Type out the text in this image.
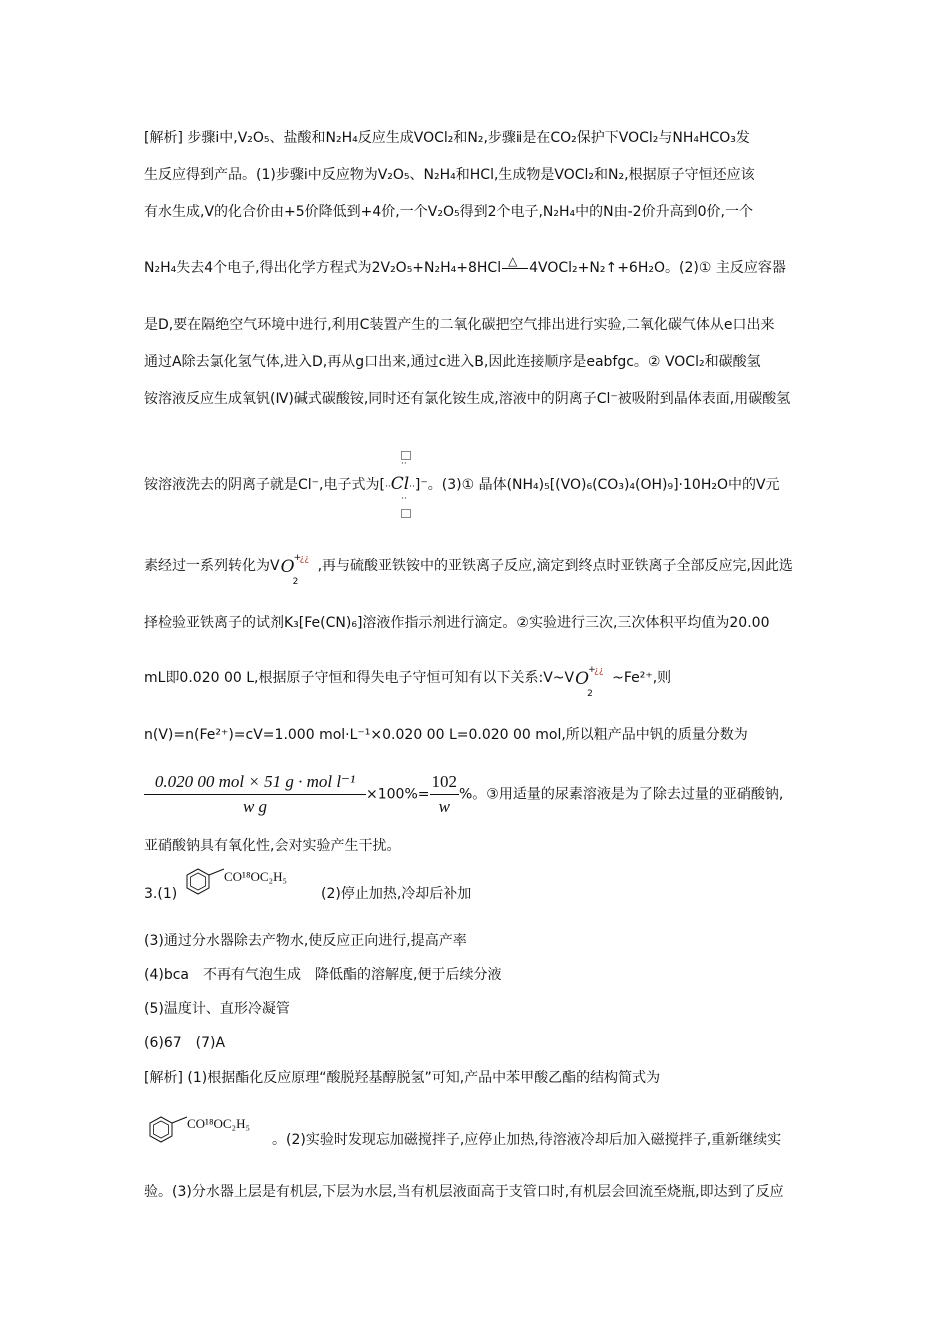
[解析] 步骤ⅰ中,V₂O₅、盐酸和N₂H₄反应生成VOCl₂和N₂,步骤ⅱ是在CO₂保护下VOCl₂与NH₄HCO₃发
生反应得到产品。(1)步骤ⅰ中反应物为V₂O₅、N₂H₄和HCl,生成物是VOCl₂和N₂,根据原子守恒还应该
有水生成,V的化合价由+5价降低到+4价,一个V₂O₅得到2个电子,N₂H₄中的N由-2价升高到0价,一个
N₂H₄失去4个电子,得出化学方程式为2V₂O₅+N₂H₄+8HCl △ 4VOCl₂+N₂↑+6H₂O。(2)① 主反应容器
是D,要在隔绝空气环境中进行,利用C装置产生的二氧化碳把空气排出进行实验,二氧化碳气体从e口出来
通过A除去氯化氢气体,进入D,再从g口出来,通过c进入B,因此连接顺序是eabfgc。② VOCl₂和碳酸氢
铵溶液反应生成氧钒(Ⅳ)碱式碳酸铵,同时还有氯化铵生成,溶液中的阴离子Cl⁻被吸附到晶体表面,用碳酸氢
··
··
铵溶液洗去的阴离子就是Cl⁻,电子式为[··Cl··]⁻。(3)① 晶体(NH₄)₅[(VO)₆(CO₃)₄(OH)₉]·10H₂O中的V元
素经过一系列转化为V O
2
+
¿¿ ,再与硫酸亚铁铵中的亚铁离子反应,滴定到终点时亚铁离子全部反应完,因此选
择检验亚铁离子的试剂K₃[Fe(CN)₆]溶液作指示剂进行滴定。②实验进行三次,三次体积平均值为20.00
mL即0.020 00 L,根据原子守恒和得失电子守恒可知有以下关系:V~V O
2
+
¿¿ ~Fe²⁺,则
n(V)=n(Fe²⁺)=cV=1.000 mol·L⁻¹×0.020 00 L=0.020 00 mol,所以粗产品中钒的质量分数为
$\frac{\text{0.020 00 mol × 51 g · mol l⁻¹}}{\text{w g}} \times 100\%= \frac{102}{w}$ %。③用适量的尿素溶液是为了除去过量的亚硝酸钠,
亚硝酸钠具有氧化性,会对实验产生干扰。
3.(1)
CO¹⁸OC₂H₅
(2)停止加热,冷却后补加
(3)通过分水器除去产物水,使反应正向进行,提高产率
(4)bca　不再有气泡生成　降低酯的溶解度,便于后续分液
(5)温度计、直形冷凝管
(6)67　(7)A
[解析] (1)根据酯化反应原理“酸脱羟基醇脱氢”可知,产品中苯甲酸乙酯的结构简式为
CO¹⁸OC₂H₅
。(2)实验时发现忘加磁搅拌子,应停止加热,待溶液冷却后加入磁搅拌子,重新继续实
验。(3)分水器上层是有机层,下层为水层,当有机层液面高于支管口时,有机层会回流至烧瓶,即达到了反应
